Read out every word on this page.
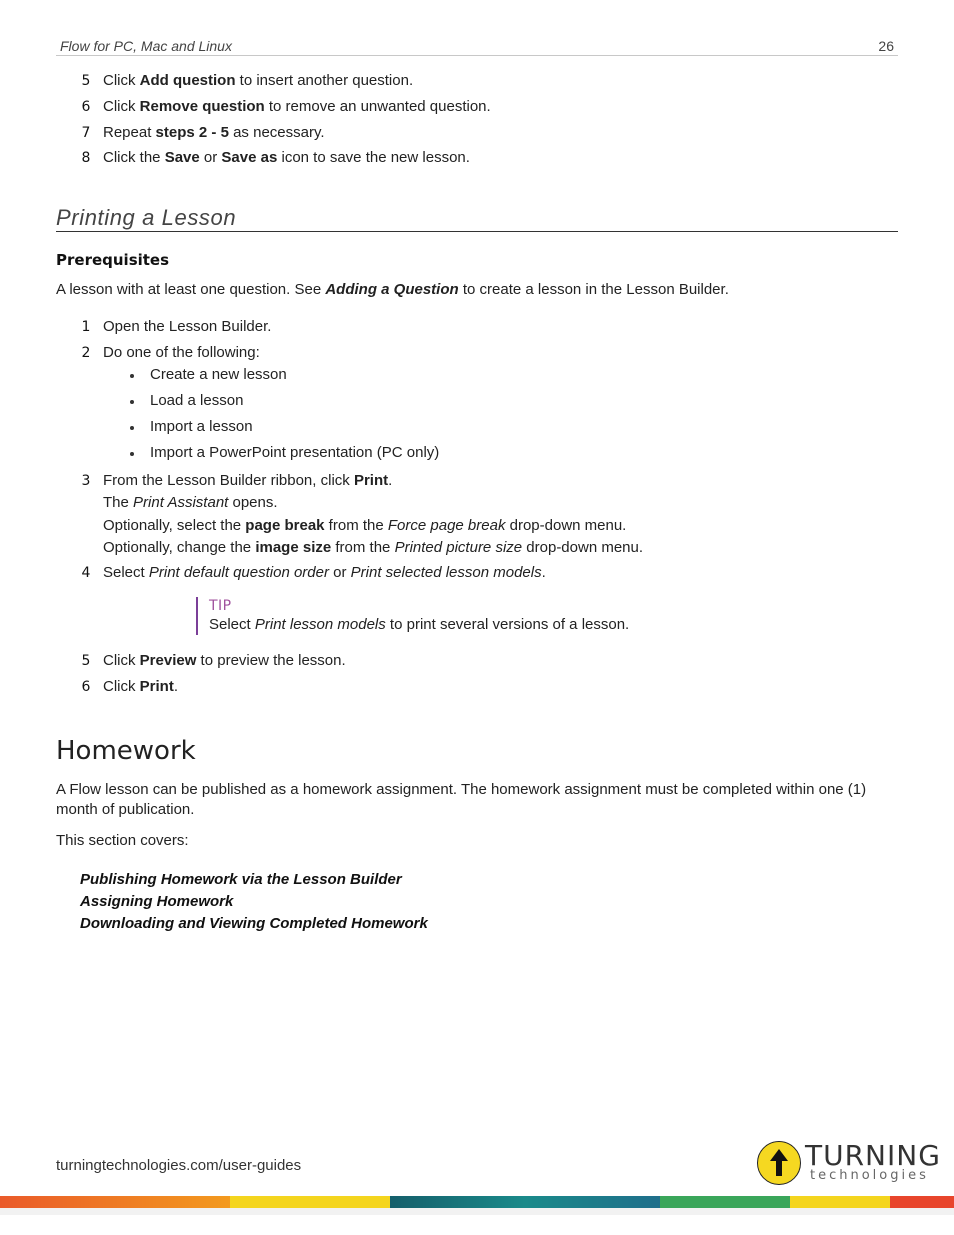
Flow for PC, Mac and Linux	26
5 Click Add question to insert another question.
6 Click Remove question to remove an unwanted question.
7 Repeat steps 2 - 5 as necessary.
8 Click the Save or Save as icon to save the new lesson.
Printing a Lesson
Prerequisites
A lesson with at least one question. See Adding a Question to create a lesson in the Lesson Builder.
1 Open the Lesson Builder.
2 Do one of the following:
Create a new lesson
Load a lesson
Import a lesson
Import a PowerPoint presentation (PC only)
3 From the Lesson Builder ribbon, click Print.
The Print Assistant opens.
Optionally, select the page break from the Force page break drop-down menu.
Optionally, change the image size from the Printed picture size drop-down menu.
4 Select Print default question order or Print selected lesson models.
TIP
Select Print lesson models to print several versions of a lesson.
5 Click Preview to preview the lesson.
6 Click Print.
Homework
A Flow lesson can be published as a homework assignment. The homework assignment must be completed within one (1)
month of publication.
This section covers:
Publishing Homework via the Lesson Builder
Assigning Homework
Downloading and Viewing Completed Homework
turningtechnologies.com/user-guides	TURNING
technologies
